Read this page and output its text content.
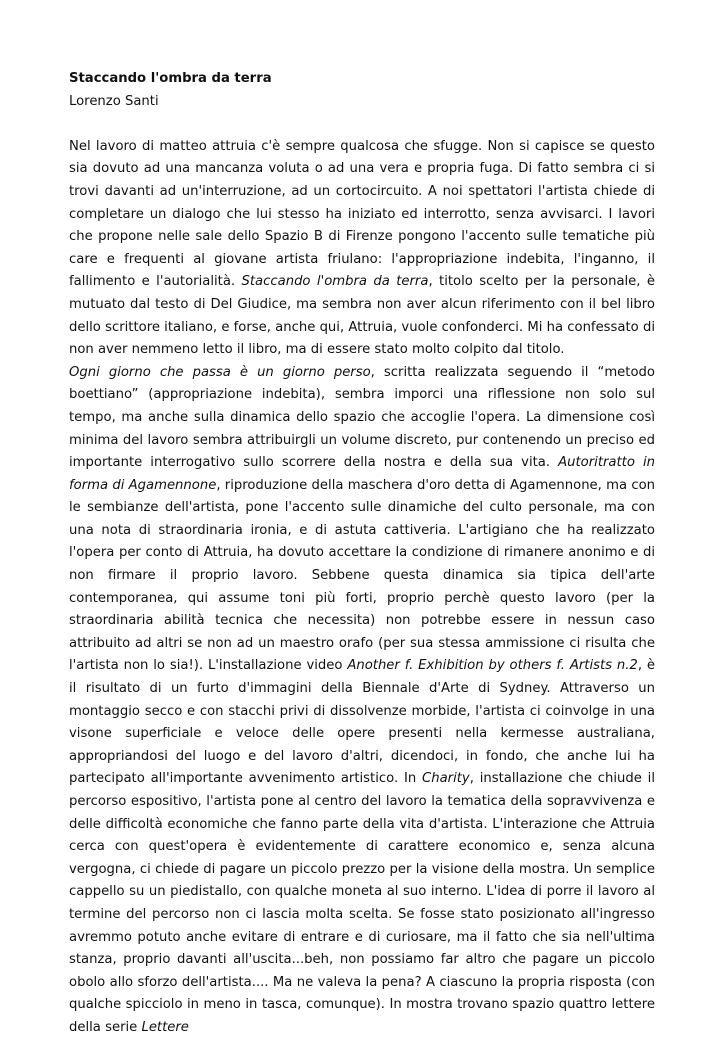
Staccando l'ombra da terra

Lorenzo Santi

Nel lavoro di matteo attruia c'è sempre qualcosa che sfugge. Non si capisce se questo sia dovuto ad una mancanza voluta o ad una vera e propria fuga. Di fatto sembra ci si trovi davanti ad un'interruzione, ad un cortocircuito. A noi spettatori l'artista chiede di completare un dialogo che lui stesso ha iniziato ed interrotto, senza avvisarci. I lavori che propone nelle sale dello Spazio B di Firenze pongono l'accento sulle tematiche più care e frequenti al giovane artista friulano: l'appropriazione indebita, l'inganno, il fallimento e l'autorialità. Staccando l'ombra da terra, titolo scelto per la personale, è mutuato dal testo di Del Giudice, ma sembra non aver alcun riferimento con il bel libro dello scrittore italiano, e forse, anche qui, Attruia, vuole confonderci. Mi ha confessato di non aver nemmeno letto il libro, ma di essere stato molto colpito dal titolo.

Ogni giorno che passa è un giorno perso, scritta realizzata seguendo il “metodo boettiano” (appropriazione indebita), sembra imporci una riflessione non solo sul tempo, ma anche sulla dinamica dello spazio che accoglie l'opera. La dimensione così minima del lavoro sembra attribuirgli un volume discreto, pur contenendo un preciso ed importante interrogativo sullo scorrere della nostra e della sua vita. Autoritratto in forma di Agamennone, riproduzione della maschera d'oro detta di Agamennone, ma con le sembianze dell'artista, pone l'accento sulle dinamiche del culto personale, ma con una nota di straordinaria ironia, e di astuta cattiveria. L'artigiano che ha realizzato l'opera per conto di Attruia, ha dovuto accettare la condizione di rimanere anonimo e di non firmare il proprio lavoro. Sebbene questa dinamica sia tipica dell'arte contemporanea, qui assume toni più forti, proprio perchè questo lavoro (per la straordinaria abilità tecnica che necessita) non potrebbe essere in nessun caso attribuito ad altri se non ad un maestro orafo (per sua stessa ammissione ci risulta che l'artista non lo sia!). L'installazione video Another f. Exhibition by others f. Artists n.2, è il risultato di un furto d'immagini della Biennale d'Arte di Sydney. Attraverso un montaggio secco e con stacchi privi di dissolvenze morbide, l'artista ci coinvolge in una visone superficiale e veloce delle opere presenti nella kermesse australiana, appropriandosi del luogo e del lavoro d'altri, dicendoci, in fondo, che anche lui ha partecipato all'importante avvenimento artistico. In Charity, installazione che chiude il percorso espositivo, l'artista pone al centro del lavoro la tematica della sopravvivenza e delle difficoltà economiche che fanno parte della vita d'artista. L'interazione che Attruia cerca con quest'opera è evidentemente di carattere economico e, senza alcuna vergogna, ci chiede di pagare un piccolo prezzo per la visione della mostra. Un semplice cappello su un piedistallo, con qualche moneta al suo interno. L'idea di porre il lavoro al termine del percorso non ci lascia molta scelta. Se fosse stato posizionato all'ingresso avremmo potuto anche evitare di entrare e di curiosare, ma il fatto che sia nell'ultima stanza, proprio davanti all'uscita...beh, non possiamo far altro che pagare un piccolo obolo allo sforzo dell'artista.... Ma ne valeva la pena? A ciascuno la propria risposta (con qualche spicciolo in meno in tasca, comunque). In mostra trovano spazio quattro lettere della serie Lettere
